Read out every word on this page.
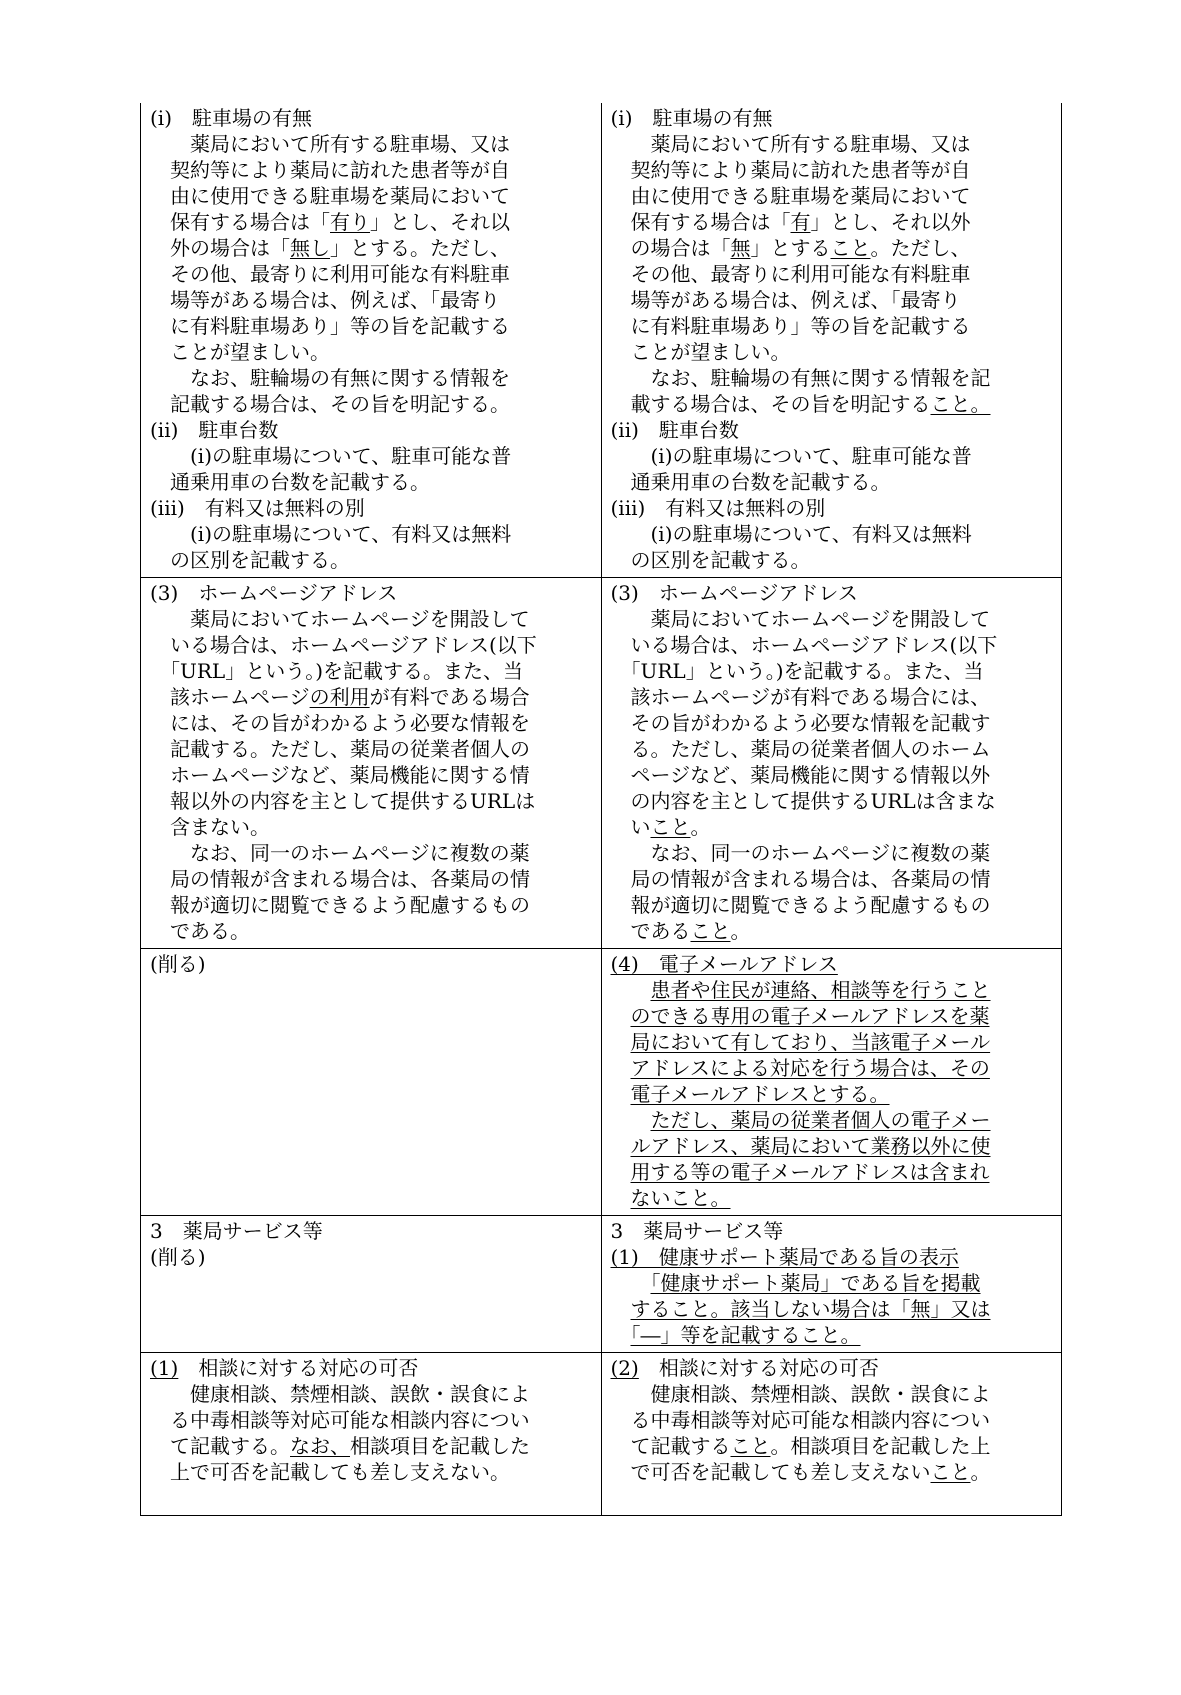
(i)　駐車場の有無
　　薬局において所有する駐車場、又は
　契約等により薬局に訪れた患者等が自
　由に使用できる駐車場を薬局において
　保有する場合は「有り」とし、それ以
　外の場合は「無し」とする。ただし、
　その他、最寄りに利用可能な有料駐車
　場等がある場合は、例えば、「最寄り
　に有料駐車場あり」等の旨を記載する
　ことが望ましい。
　　なお、駐輪場の有無に関する情報を
　記載する場合は、その旨を明記する。
(ii)　駐車台数
　　(i)の駐車場について、駐車可能な普
　通乗用車の台数を記載する。
(iii)　有料又は無料の別
　　(i)の駐車場について、有料又は無料
　の区別を記載する。

(i)　駐車場の有無
　　薬局において所有する駐車場、又は
　契約等により薬局に訪れた患者等が自
　由に使用できる駐車場を薬局において
　保有する場合は「有」とし、それ以外
　の場合は「無」とすること。ただし、
　その他、最寄りに利用可能な有料駐車
　場等がある場合は、例えば、「最寄り
　に有料駐車場あり」等の旨を記載する
　ことが望ましい。
　　なお、駐輪場の有無に関する情報を記
　載する場合は、その旨を明記すること。
(ii)　駐車台数
　　(i)の駐車場について、駐車可能な普
　通乗用車の台数を記載する。
(iii)　有料又は無料の別
　　(i)の駐車場について、有料又は無料
　の区別を記載する。

(3)　ホームページアドレス
　　薬局においてホームページを開設して
　いる場合は、ホームページアドレス(以下
　「URL」という。)を記載する。また、当
　該ホームページの利用が有料である場合
　には、その旨がわかるよう必要な情報を
　記載する。ただし、薬局の従業者個人の
　ホームページなど、薬局機能に関する情
　報以外の内容を主として提供するURLは
　含まない。
　　なお、同一のホームページに複数の薬
　局の情報が含まれる場合は、各薬局の情
　報が適切に閲覧できるよう配慮するもの
　である。

(3)　ホームページアドレス
　　薬局においてホームページを開設して
　いる場合は、ホームページアドレス(以下
　「URL」という。)を記載する。また、当
　該ホームページが有料である場合には、
　その旨がわかるよう必要な情報を記載す
　る。ただし、薬局の従業者個人のホーム
　ページなど、薬局機能に関する情報以外
　の内容を主として提供するURLは含まな
　いこと。
　　なお、同一のホームページに複数の薬
　局の情報が含まれる場合は、各薬局の情
　報が適切に閲覧できるよう配慮するもの
　であること。

(削る)	(4)　電子メールアドレス
　　患者や住民が連絡、相談等を行うこと
　のできる専用の電子メールアドレスを薬
　局において有しており、当該電子メール
　アドレスによる対応を行う場合は、その
　電子メールアドレスとする。
　　ただし、薬局の従業者個人の電子メー
　ルアドレス、薬局において業務以外に使
　用する等の電子メールアドレスは含まれ
　ないこと。

3　薬局サービス等
(削る)

3　薬局サービス等
(1)　健康サポート薬局である旨の表示
　　「健康サポート薬局」である旨を掲載
　すること。該当しない場合は「無」又は
　「―」等を記載すること。

(1)　相談に対する対応の可否
　　健康相談、禁煙相談、誤飲・誤食によ
　る中毒相談等対応可能な相談内容につい
　て記載する。なお、相談項目を記載した
　上で可否を記載しても差し支えない。

(2)　相談に対する対応の可否
　　健康相談、禁煙相談、誤飲・誤食によ
　る中毒相談等対応可能な相談内容につい
　て記載すること。相談項目を記載した上
　で可否を記載しても差し支えないこと。
